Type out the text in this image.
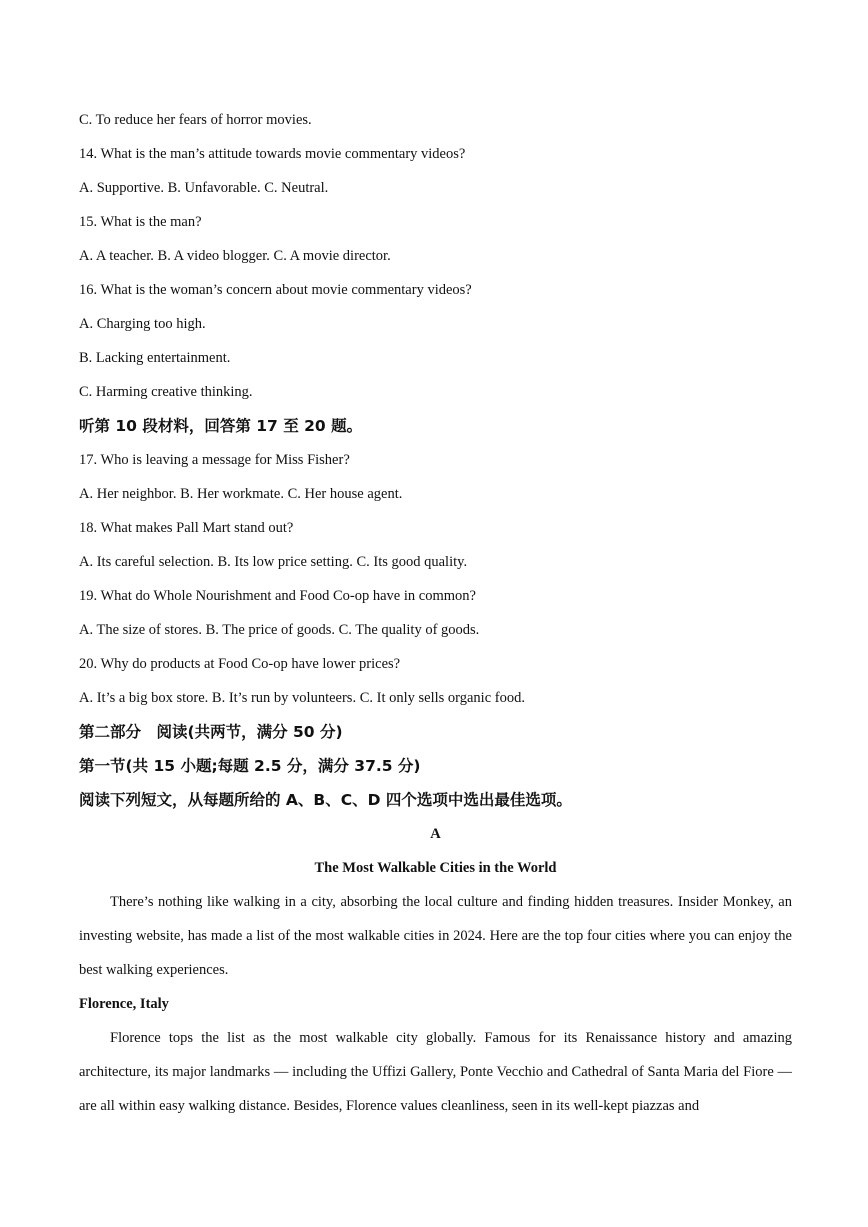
C. To reduce her fears of horror movies.
14. What is the man’s attitude towards movie commentary videos?
A. Supportive. B. Unfavorable. C. Neutral.
15. What is the man?
A. A teacher. B. A video blogger. C. A movie director.
16. What is the woman’s concern about movie commentary videos?
A. Charging too high.
B. Lacking entertainment.
C. Harming creative thinking.
听第 10 段材料，回答第 17 至 20 题。
17. Who is leaving a message for Miss Fisher?
A. Her neighbor. B. Her workmate. C. Her house agent.
18. What makes Pall Mart stand out?
A. Its careful selection. B. Its low price setting. C. Its good quality.
19. What do Whole Nourishment and Food Co-op have in common?
A. The size of stores. B. The price of goods. C. The quality of goods.
20. Why do products at Food Co-op have lower prices?
A. It’s a big box store. B. It’s run by volunteers. C. It only sells organic food.
第二部分　阅读(共两节，满分 50 分)
第一节(共 15 小题;每题 2.5 分，满分 37.5 分)
阅读下列短文，从每题所给的 A、B、C、D 四个选项中选出最佳选项。
A
The Most Walkable Cities in the World
There’s nothing like walking in a city, absorbing the local culture and finding hidden treasures. Insider Monkey, an investing website, has made a list of the most walkable cities in 2024. Here are the top four cities where you can enjoy the best walking experiences.
Florence, Italy
Florence tops the list as the most walkable city globally. Famous for its Renaissance history and amazing architecture, its major landmarks — including the Uffizi Gallery, Ponte Vecchio and Cathedral of Santa Maria del Fiore — are all within easy walking distance. Besides, Florence values cleanliness, seen in its well-kept piazzas and
